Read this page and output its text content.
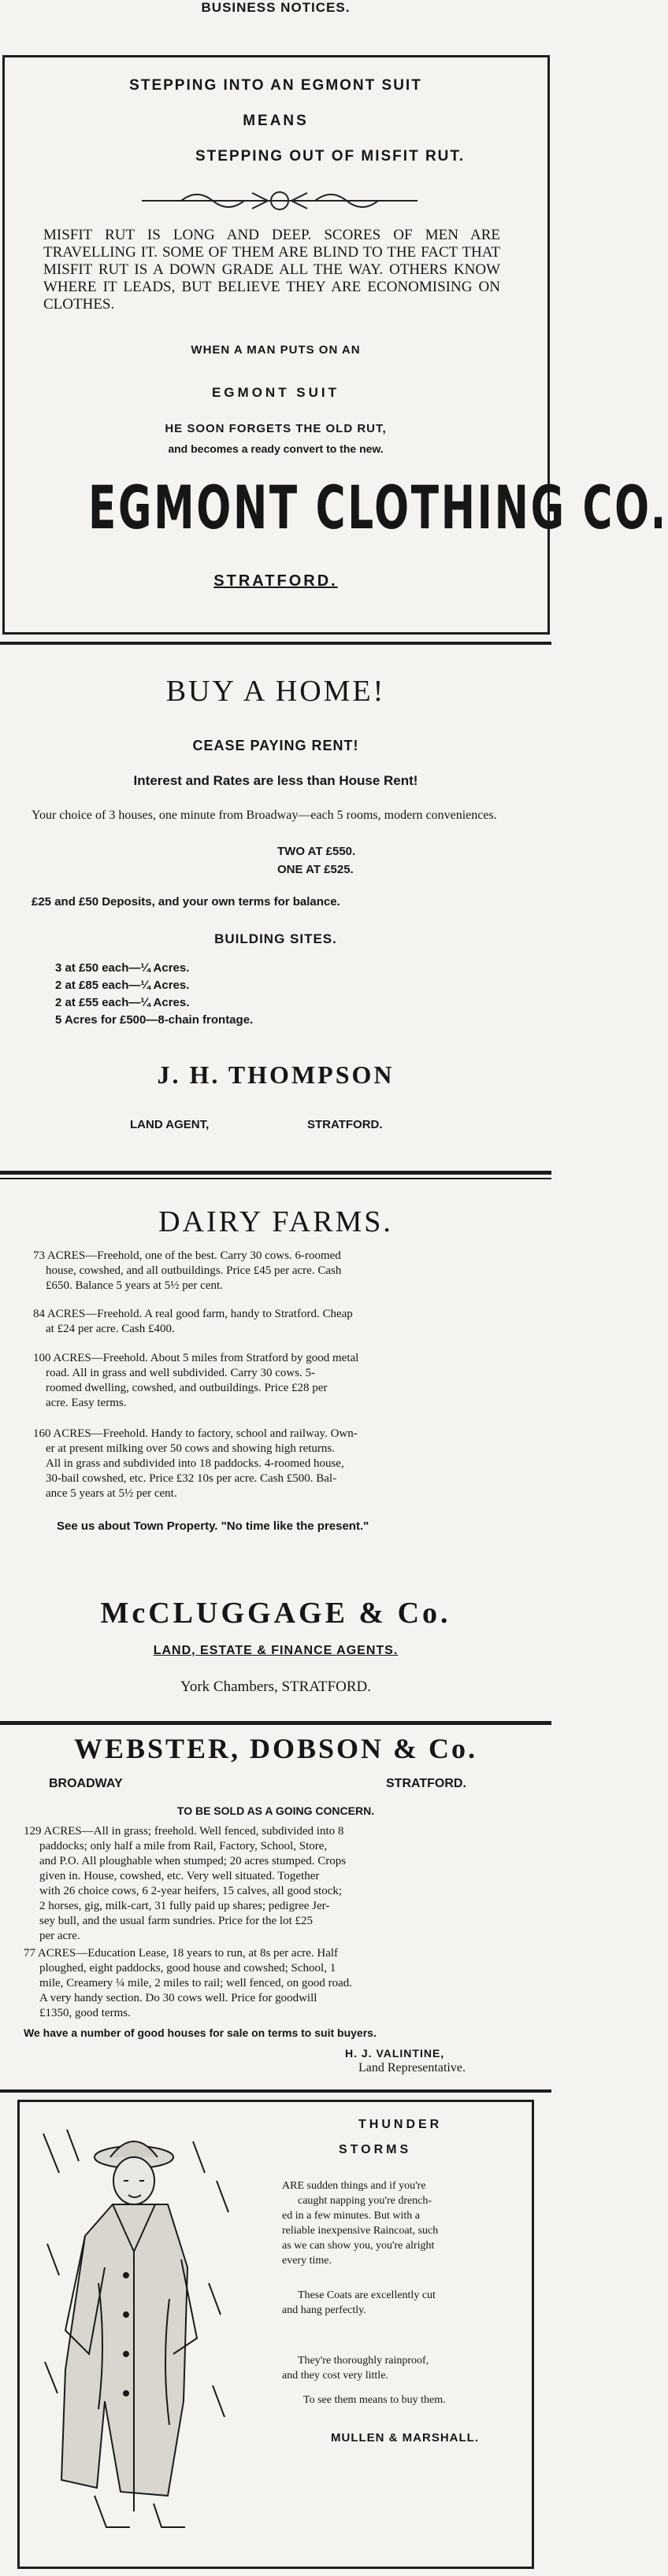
BUSINESS NOTICES.
STEPPING INTO AN EGMONT SUIT
MEANS
STEPPING OUT OF MISFIT RUT.
MISFIT RUT IS LONG AND DEEP. SCORES OF MEN ARE TRAVELLING IT. SOME OF THEM ARE BLIND TO THE FACT THAT MISFIT RUT IS A DOWN GRADE ALL THE WAY. OTHERS KNOW WHERE IT LEADS, BUT BELIEVE THEY ARE ECONOMISING ON CLOTHES.
WHEN A MAN PUTS ON AN
EGMONT SUIT
HE SOON FORGETS THE OLD RUT,
and becomes a ready convert to the new.
EGMONT CLOTHING CO.
STRATFORD.
BUY A HOME!
CEASE PAYING RENT!
Interest and Rates are less than House Rent!
Your choice of 3 houses, one minute from Broadway—each 5 rooms, modern conveniences.
TWO AT £550.
ONE AT £525.
£25 and £50 Deposits, and your own terms for balance.
BUILDING SITES.
3 at £50 each—¼ Acres.
2 at £85 each—¼ Acres.
2 at £55 each—¼ Acres.
5 Acres for £500—8-chain frontage.
J. H. THOMPSON
LAND AGENT,	STRATFORD.
DAIRY FARMS.
73 ACRES—Freehold, one of the best. Carry 30 cows. 6-roomed
house, cowshed, and all outbuildings. Price £45 per acre. Cash
£650. Balance 5 years at 5½ per cent.
84 ACRES—Freehold. A real good farm, handy to Stratford. Cheap
at £24 per acre. Cash £400.
100 ACRES—Freehold. About 5 miles from Stratford by good metal
road. All in grass and well subdivided. Carry 30 cows. 5-
roomed dwelling, cowshed, and outbuildings. Price £28 per
acre. Easy terms.
160 ACRES—Freehold. Handy to factory, school and railway. Own-
er at present milking over 50 cows and showing high returns.
All in grass and subdivided into 18 paddocks. 4-roomed house,
30-bail cowshed, etc. Price £32 10s per acre. Cash £500. Bal-
ance 5 years at 5½ per cent.
See us about Town Property. "No time like the present."
McCLUGGAGE & Co.
LAND, ESTATE & FINANCE AGENTS.
York Chambers, STRATFORD.
WEBSTER, DOBSON & Co.
BROADWAY	STRATFORD.
TO BE SOLD AS A GOING CONCERN.
129 ACRES—All in grass; freehold. Well fenced, subdivided into 8
paddocks; only half a mile from Rail, Factory, School, Store,
and P.O. All ploughable when stumped; 20 acres stumped. Crops
given in. House, cowshed, etc. Very well situated. Together
with 26 choice cows, 6 2-year heifers, 15 calves, all good stock;
2 horses, gig, milk-cart, 31 fully paid up shares; pedigree Jer-
sey bull, and the usual farm sundries. Price for the lot £25
per acre.
77 ACRES—Education Lease, 18 years to run, at 8s per acre. Half
ploughed, eight paddocks, good house and cowshed; School, 1
mile, Creamery ¼ mile, 2 miles to rail; well fenced, on good road.
A very handy section. Do 30 cows well. Price for goodwill
£1350, good terms.
We have a number of good houses for sale on terms to suit buyers.
H. J. VALINTINE,
Land Representative.
THUNDER
STORMS
ARE sudden things and if you're
caught napping you're drench-
ed in a few minutes. But with a
reliable inexpensive Raincoat, such
as we can show you, you're alright
every time.
These Coats are excellently cut
and hang perfectly.
They're thoroughly rainproof,
and they cost very little.
To see them means to buy them.
MULLEN & MARSHALL.
